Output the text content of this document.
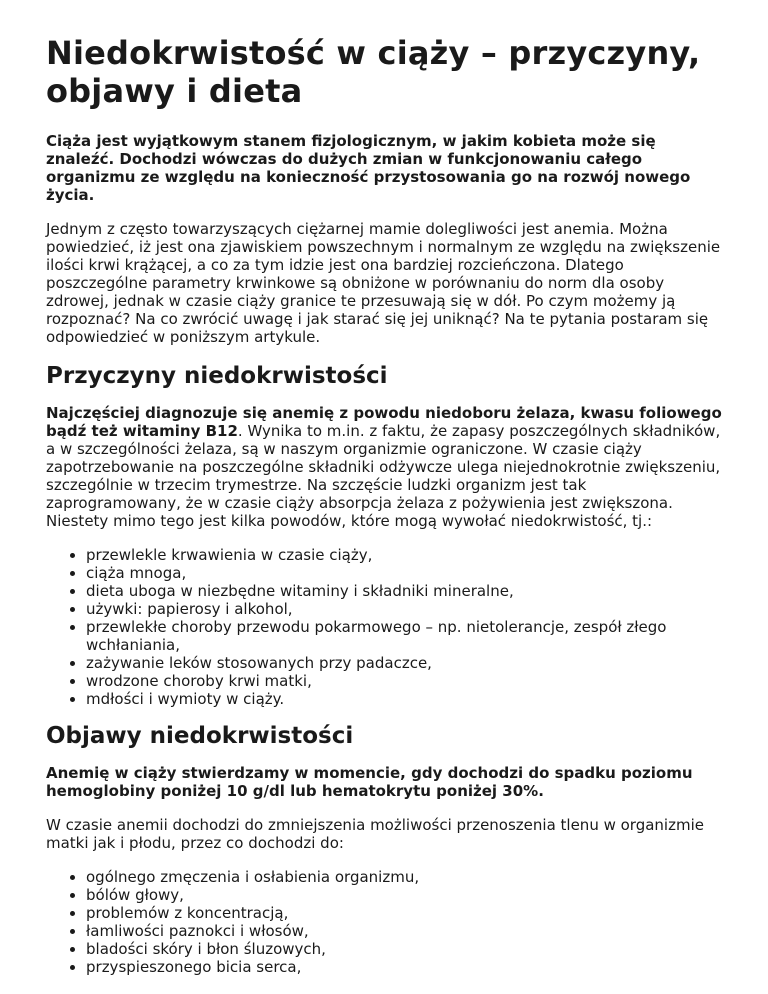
Niedokrwistość w ciąży – przyczyny, objawy i dieta

Ciąża jest wyjątkowym stanem fizjologicznym, w jakim kobieta może się znaleźć. Dochodzi wówczas do dużych zmian w funkcjonowaniu całego organizmu ze względu na konieczność przystosowania go na rozwój nowego życia.

Jednym z często towarzyszących ciężarnej mamie dolegliwości jest anemia. Można powiedzieć, iż jest ona zjawiskiem powszechnym i normalnym ze względu na zwiększenie ilości krwi krążącej, a co za tym idzie jest ona bardziej rozcieńczona. Dlatego poszczególne parametry krwinkowe są obniżone w porównaniu do norm dla osoby zdrowej, jednak w czasie ciąży granice te przesuwają się w dół. Po czym możemy ją rozpoznać? Na co zwrócić uwagę i jak starać się jej uniknąć? Na te pytania postaram się odpowiedzieć w poniższym artykule.

Przyczyny niedokrwistości

Najczęściej diagnozuje się anemię z powodu niedoboru żelaza, kwasu foliowego bądź też witaminy B12. Wynika to m.in. z faktu, że zapasy poszczególnych składników, a w szczególności żelaza, są w naszym organizmie ograniczone. W czasie ciąży zapotrzebowanie na poszczególne składniki odżywcze ulega niejednokrotnie zwiększeniu, szczególnie w trzecim trymestrze. Na szczęście ludzki organizm jest tak zaprogramowany, że w czasie ciąży absorpcja żelaza z pożywienia jest zwiększona. Niestety mimo tego jest kilka powodów, które mogą wywołać niedokrwistość, tj.:

• przewlekle krwawienia w czasie ciąży,
• ciąża mnoga,
• dieta uboga w niezbędne witaminy i składniki mineralne,
• używki: papierosy i alkohol,
• przewlekłe choroby przewodu pokarmowego – np. nietolerancje, zespół złego wchłaniania,
• zażywanie leków stosowanych przy padaczce,
• wrodzone choroby krwi matki,
• mdłości i wymioty w ciąży.
Objawy niedokrwistości

Anemię w ciąży stwierdzamy w momencie, gdy dochodzi do spadku poziomu hemoglobiny poniżej 10 g/dl lub hematokrytu poniżej 30%.

W czasie anemii dochodzi do zmniejszenia możliwości przenoszenia tlenu w organizmie matki jak i płodu, przez co dochodzi do:

• ogólnego zmęczenia i osłabienia organizmu,
• bólów głowy,
• problemów z koncentracją,
• łamliwości paznokci i włosów,
• bladości skóry i błon śluzowych,
• przyspieszonego bicia serca,
